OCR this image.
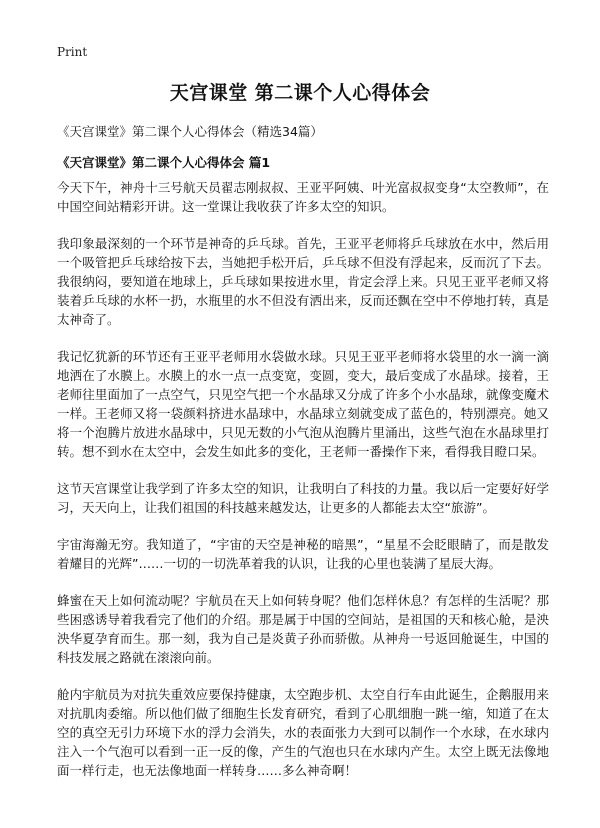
Print
天宫课堂 第二课个人心得体会
《天宫课堂》第二课个人心得体会（精选34篇）
《天宫课堂》第二课个人心得体会 篇1

今天下午，神舟十三号航天员翟志刚叔叔、王亚平阿姨、叶光富叔叔变身“太空教师”，在中国空间站精彩开讲。这一堂课让我收获了许多太空的知识。

我印象最深刻的一个环节是神奇的乒乓球。首先，王亚平老师将乒乓球放在水中，然后用一个吸管把乒乓球给按下去，当她把手松开后，乒乓球不但没有浮起来，反而沉了下去。我很纳闷，要知道在地球上，乒乓球如果按进水里，肯定会浮上来。只见王亚平老师又将装着乒乓球的水杯一扔，水瓶里的水不但没有洒出来，反而还飘在空中不停地打转，真是太神奇了。

我记忆犹新的环节还有王亚平老师用水袋做水球。只见王亚平老师将水袋里的水一滴一滴地洒在了水膜上。水膜上的水一点一点变宽，变圆，变大，最后变成了水晶球。接着，王老师往里面加了一点空气，只见空气把一个水晶球又分成了许多个小水晶球，就像变魔术一样。王老师又将一袋颜料挤进水晶球中，水晶球立刻就变成了蓝色的，特别漂亮。她又将一个泡腾片放进水晶球中，只见无数的小气泡从泡腾片里涌出，这些气泡在水晶球里打转。想不到水在太空中，会发生如此多的变化，王老师一番操作下来，看得我目瞪口呆。

这节天宫课堂让我学到了许多太空的知识，让我明白了科技的力量。我以后一定要好好学习，天天向上，让我们祖国的科技越来越发达，让更多的人都能去太空“旅游”。

宇宙海瀚无穷。我知道了，“宇宙的天空是神秘的暗黑”，“星星不会眨眼睛了，而是散发着耀目的光辉”……一切的一切洗革着我的认识，让我的心里也装满了星辰大海。

蜂蜜在天上如何流动呢？宇航员在天上如何转身呢？他们怎样休息？有怎样的生活呢？那些困惑诱导着我看完了他们的介绍。那是属于中国的空间站，是祖国的天和核心舱，是泱泱华夏孕育而生。那一刻，我为自己是炎黄子孙而骄傲。从神舟一号返回舱诞生，中国的科技发展之路就在滚滚向前。

舱内宇航员为对抗失重效应要保持健康，太空跑步机、太空自行车由此诞生，企鹅服用来对抗肌肉委缩。所以他们做了细胞生长发育研究，看到了心肌细胞一跳一缩，知道了在太空的真空无引力环境下水的浮力会消失，水的表面张力大到可以制作一个水球，在水球内注入一个气泡可以看到一正一反的像，产生的气泡也只在水球内产生。太空上既无法像地面一样行走，也无法像地面一样转身……多么神奇啊！
